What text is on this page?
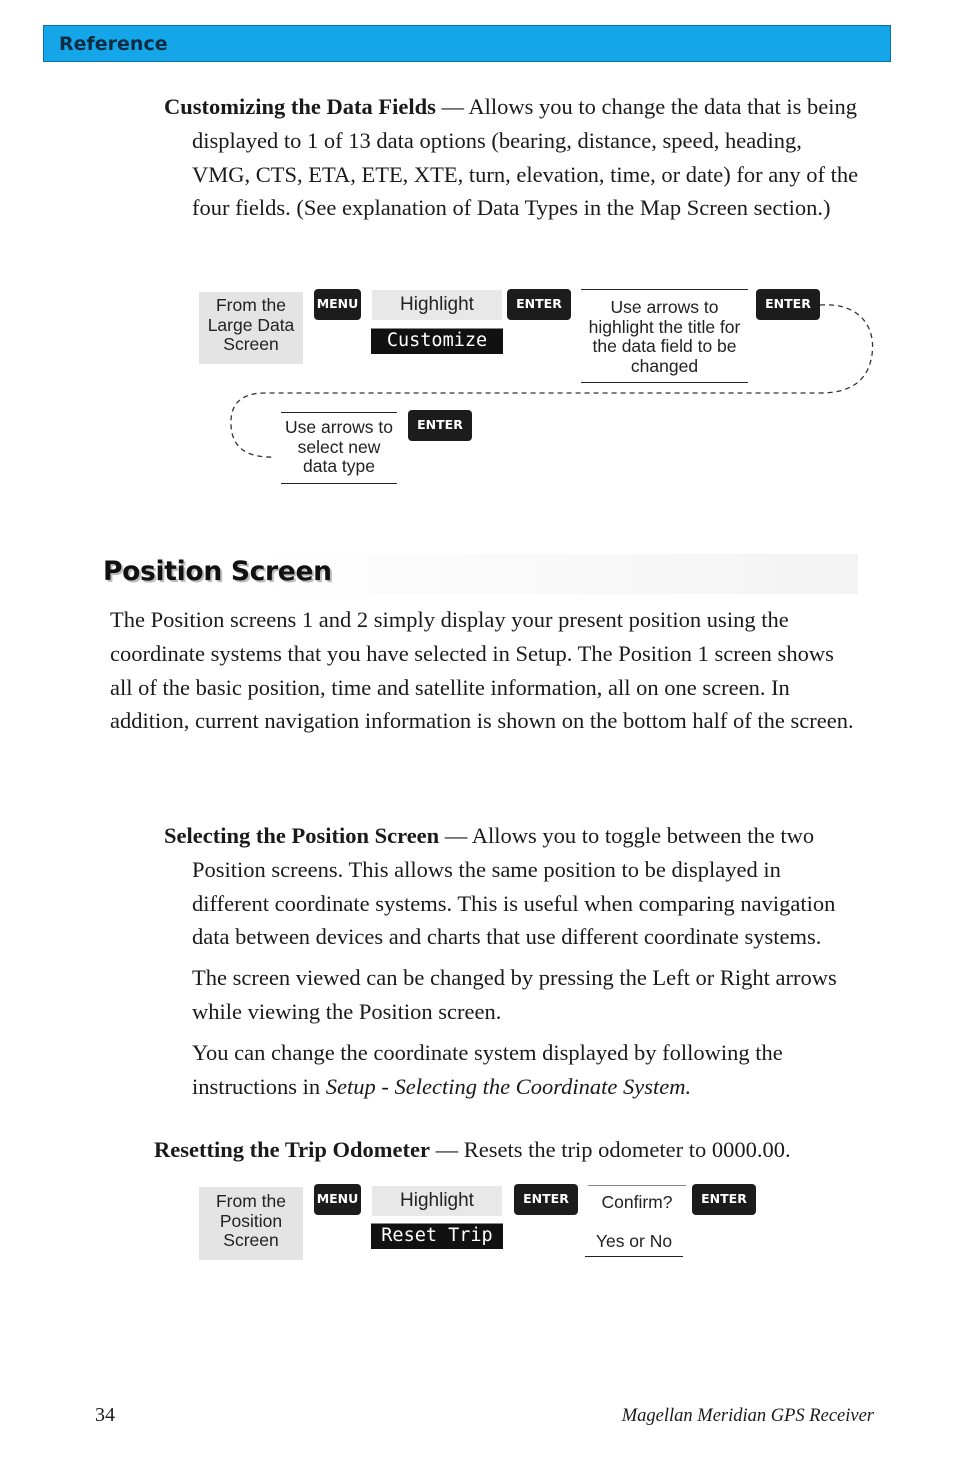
Reference

Customizing the Data Fields — Allows you to change the data that is being displayed to 1 of 13 data options (bearing, distance, speed, heading, VMG, CTS, ETA, ETE, XTE, turn, elevation, time, or date) for any of the four fields. (See explanation of Data Types in the Map Screen section.)

From the Large Data Screen
MENU	Highlight
Customize
ENTER	Use arrows to highlight the title for the data field to be changed
ENTER
Use arrows to select new data type
ENTER
Position Screen

The Position screens 1 and 2 simply display your present position using the coordinate systems that you have selected in Setup. The Position 1 screen shows all of the basic position, time and satellite information, all on one screen. In addition, current navigation information is shown on the bottom half of the screen.

Selecting the Position Screen — Allows you to toggle between the two Position screens. This allows the same position to be displayed in different coordinate systems. This is useful when comparing navigation data between devices and charts that use different coordinate systems.

The screen viewed can be changed by pressing the Left or Right arrows while viewing the Position screen.

You can change the coordinate system displayed by following the instructions in Setup - Selecting the Coordinate System.

Resetting the Trip Odometer — Resets the trip odometer to 0000.00.

From the Position Screen
MENU	Highlight
Reset Trip
ENTER	Confirm?
Yes or No
ENTER
34	Magellan Meridian GPS Receiver
